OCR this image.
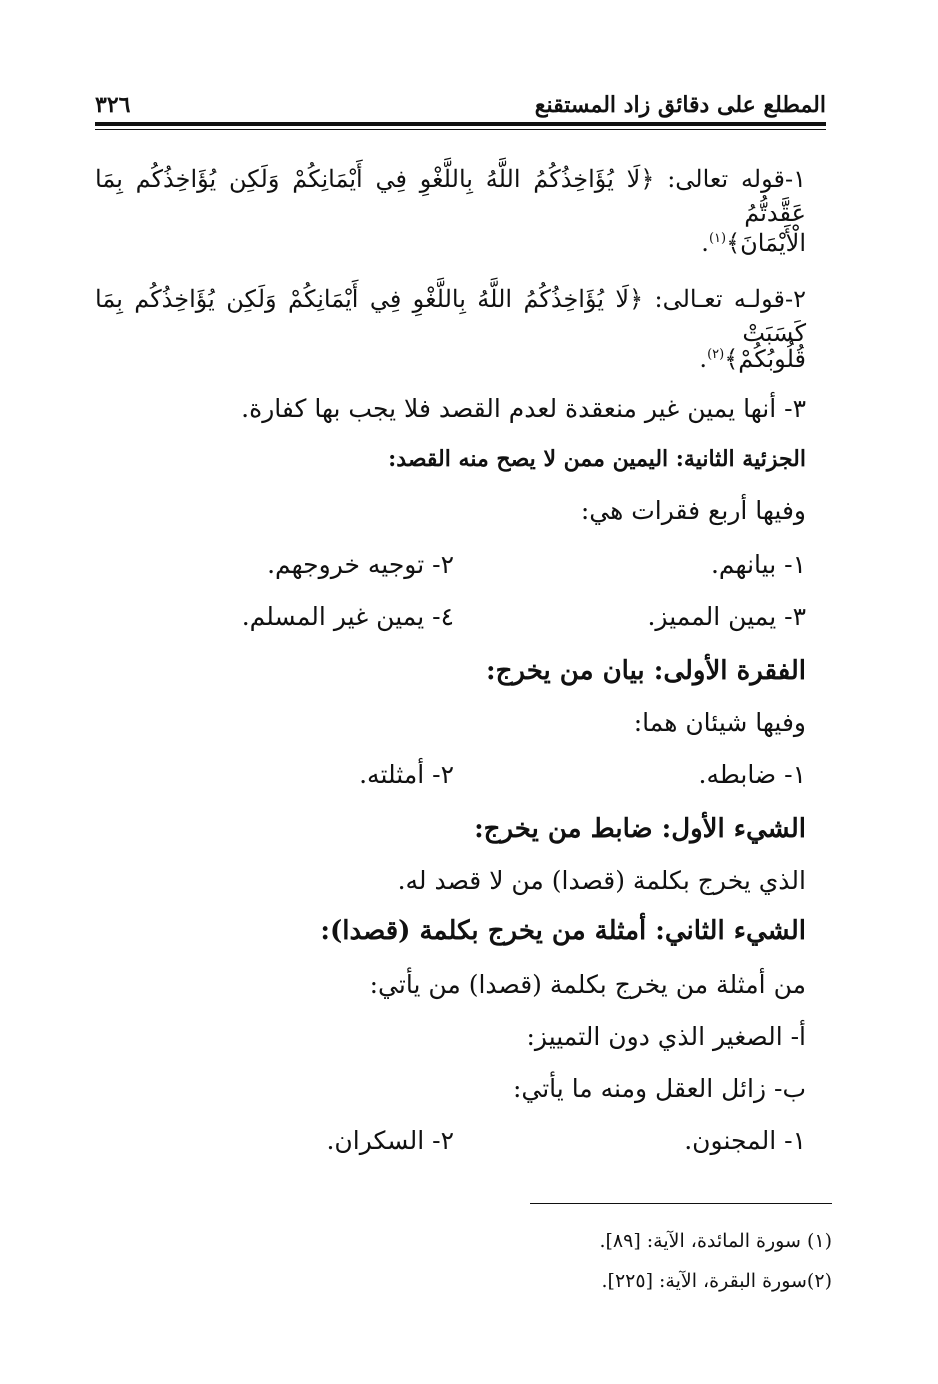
المطلع على دقائق زاد المستقنع
٣٢٦
١-قوله تعالى: ﴿لَا يُؤَاخِذُكُمُ اللَّهُ بِاللَّغْوِ فِي أَيْمَانِكُمْ وَلَكِن يُؤَاخِذُكُم بِمَا عَقَّدتُّمُ
الْأَيْمَانَ﴾$^{(١)}$.
٢-قولـه تعـالى: ﴿لَا يُؤَاخِذُكُمُ اللَّهُ بِاللَّغْوِ فِي أَيْمَانِكُمْ وَلَكِن يُؤَاخِذُكُم بِمَا كَسَبَتْ
قُلُوبُكُمْ﴾$^{(٢)}$.
٣- أنها يمين غير منعقدة لعدم القصد فلا يجب بها كفارة.
الجزئية الثانية: اليمين ممن لا يصح منه القصد:
وفيها أربع فقرات هي:
١- بيانهم.
٢- توجيه خروجهم.
٣- يمين المميز.
٤- يمين غير المسلم.
الفقرة الأولى: بيان من يخرج:
وفيها شيئان هما:
١- ضابطه.
٢- أمثلته.
الشيء الأول: ضابط من يخرج:
الذي يخرج بكلمة (قصدا) من لا قصد له.
الشيء الثاني: أمثلة من يخرج بكلمة (قصدا):
من أمثلة من يخرج بكلمة (قصدا) من يأتي:
أ- الصغير الذي دون التمييز:
ب- زائل العقل ومنه ما يأتي:
١- المجنون.
٢- السكران.
(١) سورة المائدة، الآية: [٨٩].
(٢)سورة البقرة، الآية: [٢٢٥].
